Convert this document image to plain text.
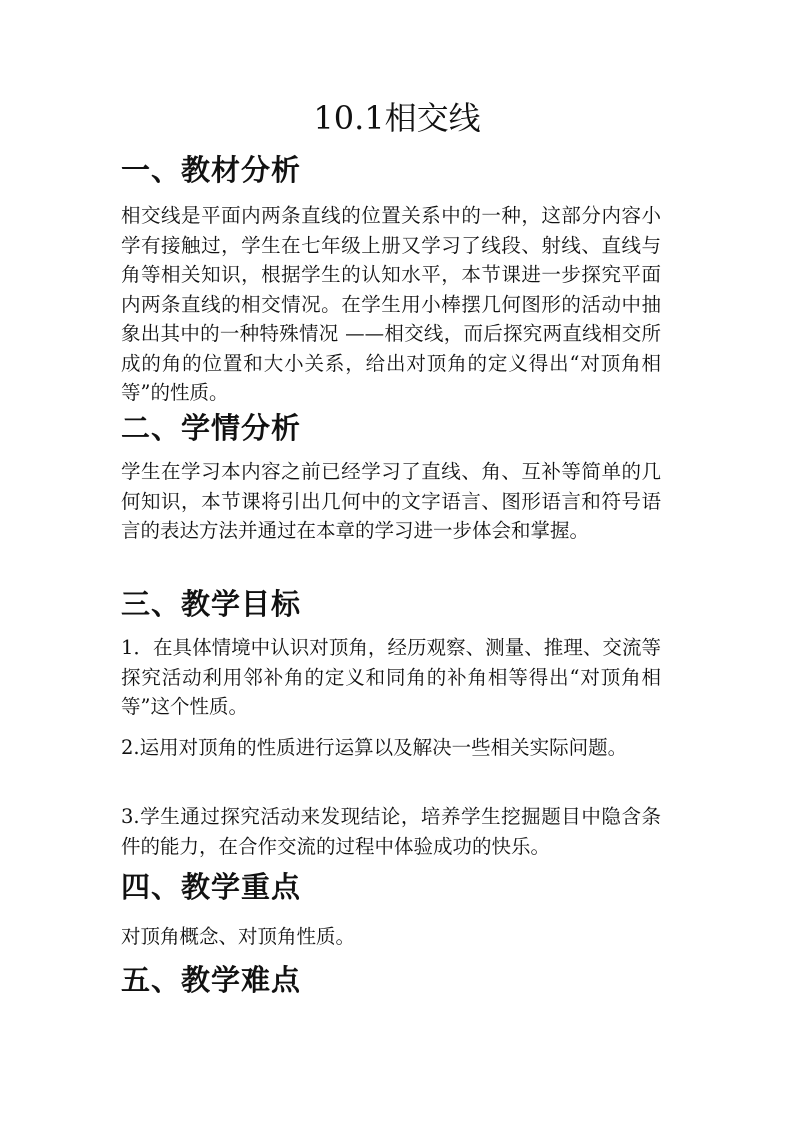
10.1相交线
一、教材分析

相交线是平面内两条直线的位置关系中的一种，这部分内容小学有接触过，学生在七年级上册又学习了线段、射线、直线与角等相关知识，根据学生的认知水平，本节课进一步探究平面内两条直线的相交情况。在学生用小棒摆几何图形的活动中抽象出其中的一种特殊情况 ——相交线，而后探究两直线相交所成的角的位置和大小关系，给出对顶角的定义得出“对顶角相等”的性质。

二、学情分析

学生在学习本内容之前已经学习了直线、角、互补等简单的几何知识，本节课将引出几何中的文字语言、图形语言和符号语言的表达方法并通过在本章的学习进一步体会和掌握。

三、教学目标

1．在具体情境中认识对顶角，经历观察、测量、推理、交流等探究活动利用邻补角的定义和同角的补角相等得出“对顶角相等”这个性质。

2.运用对顶角的性质进行运算以及解决一些相关实际问题。

3.学生通过探究活动来发现结论，培养学生挖掘题目中隐含条件的能力，在合作交流的过程中体验成功的快乐。

四、教学重点

对顶角概念、对顶角性质。

五、教学难点
